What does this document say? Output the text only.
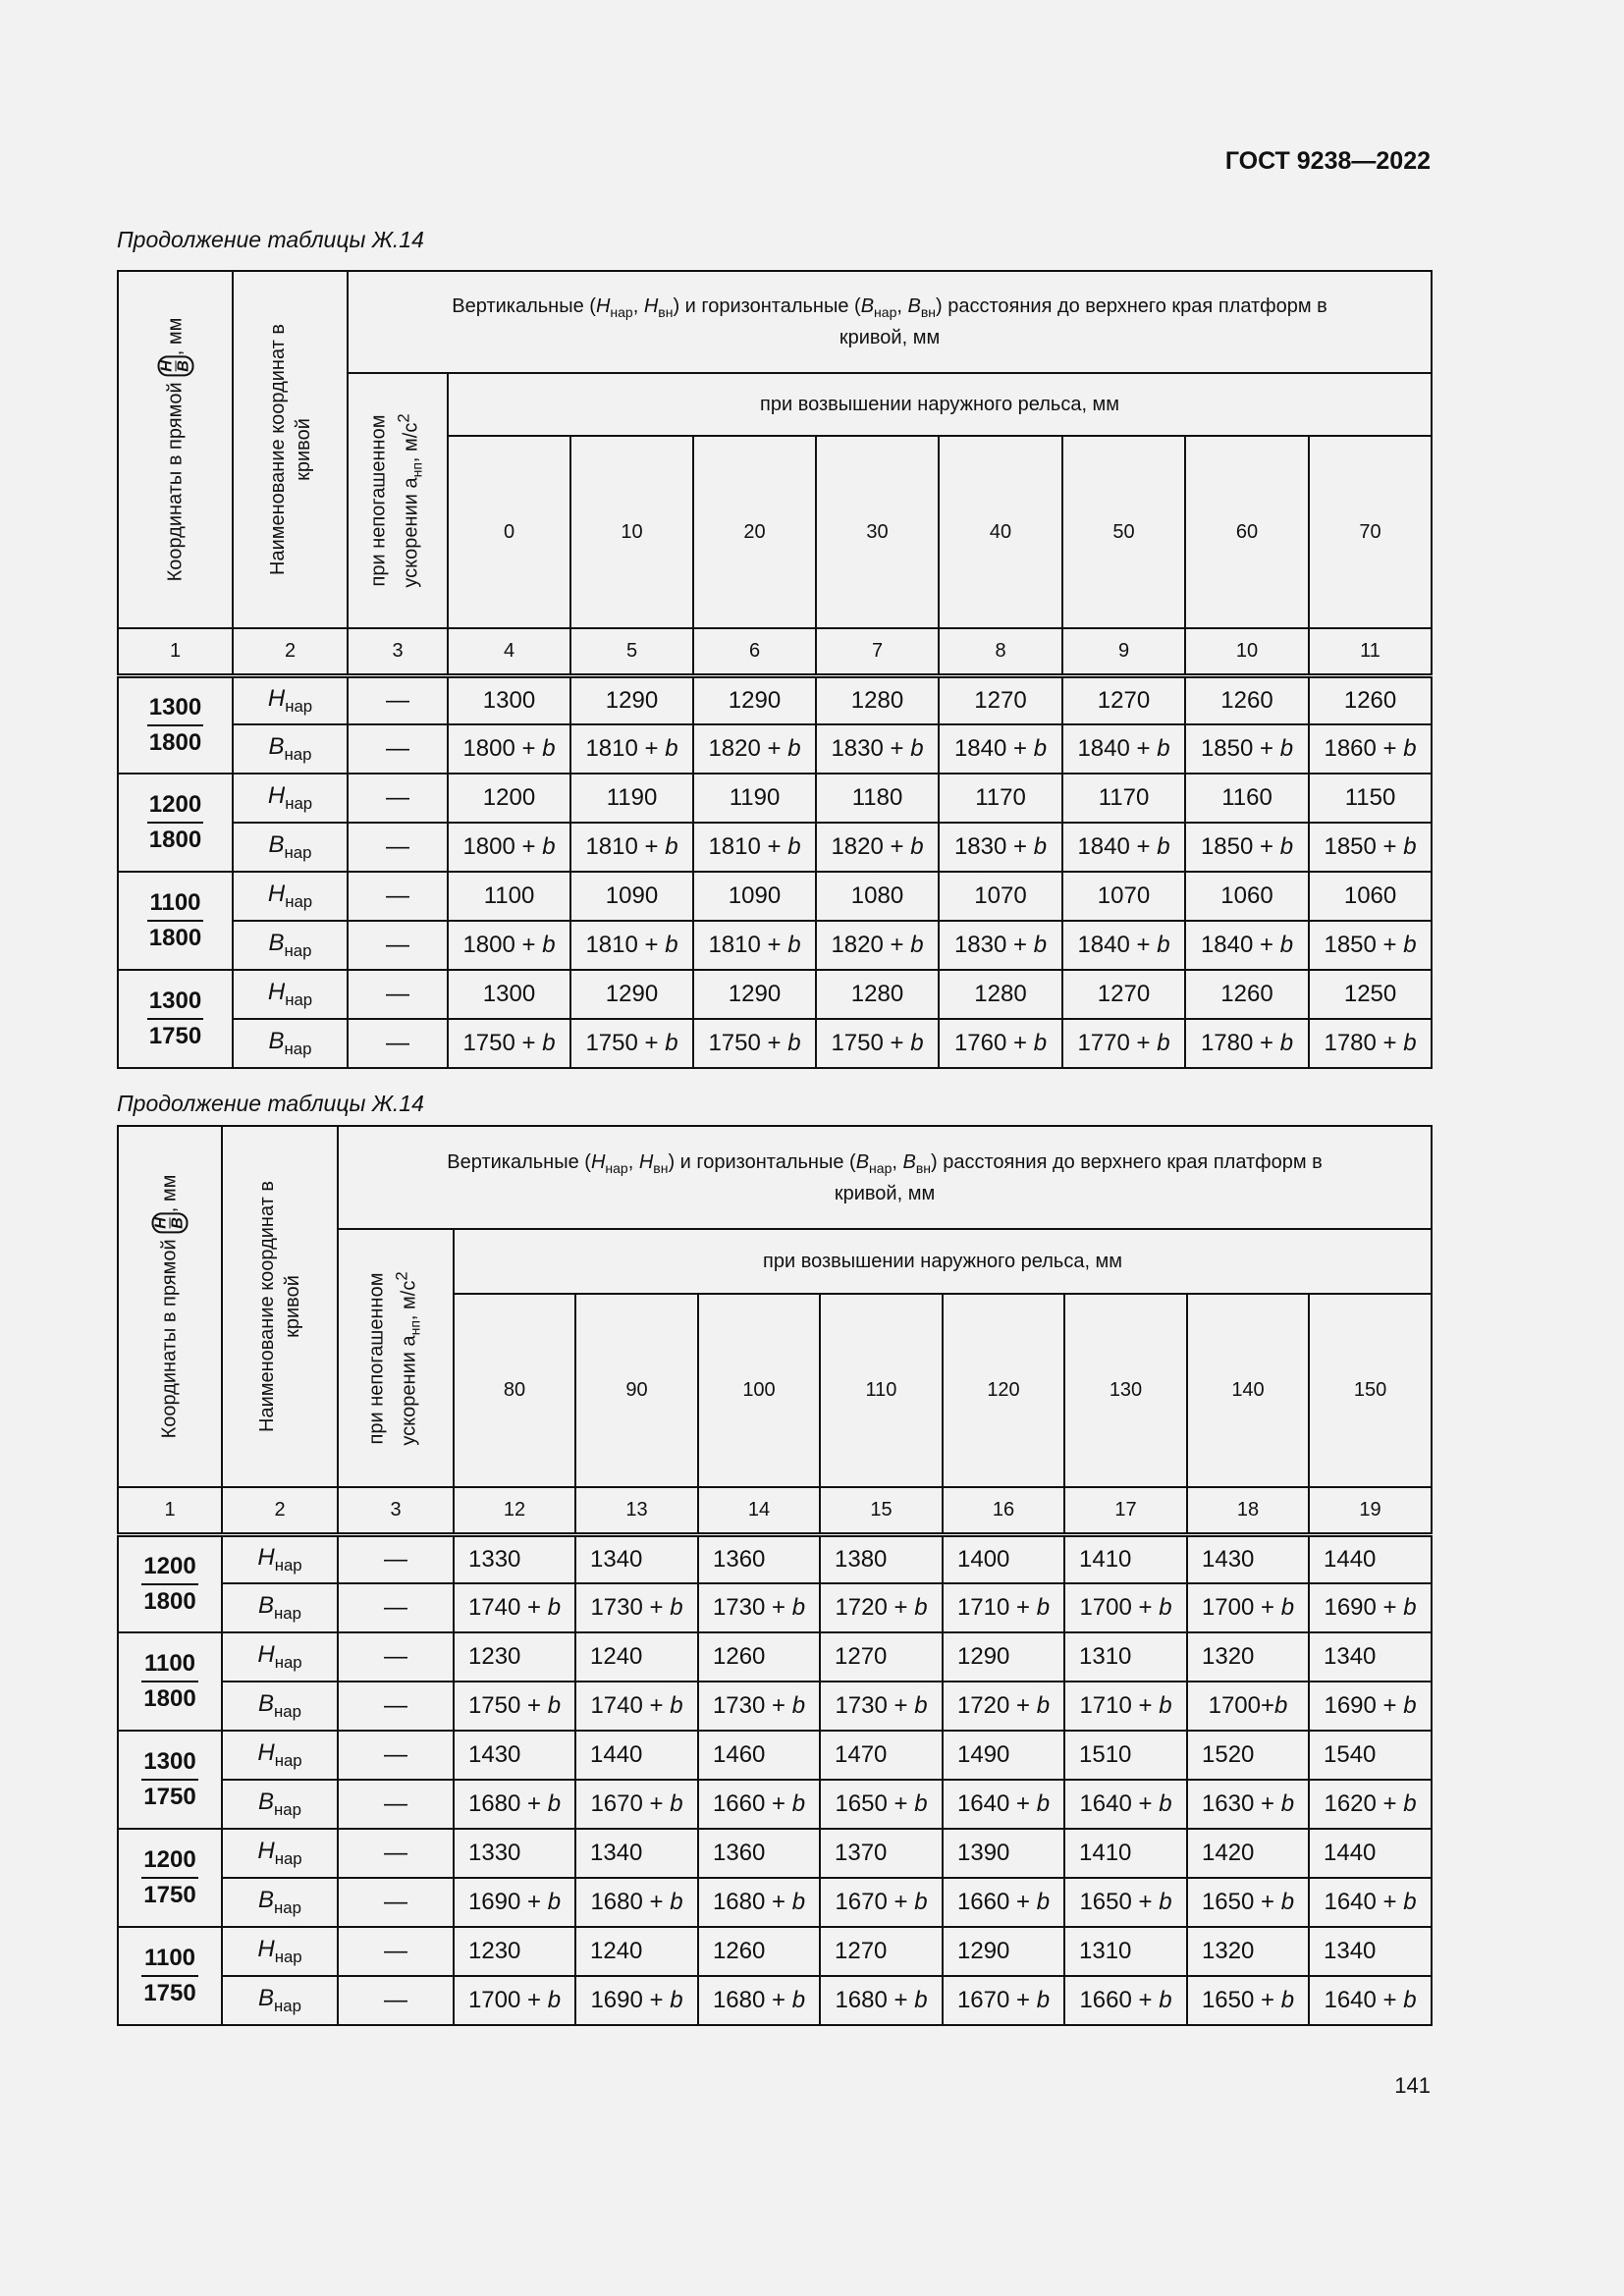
ГОСТ 9238—2022
Продолжение таблицы Ж.14
Координаты в прямой
H B
, мм	Наименование координат в кривой	Вертикальные ($H_{нар}$, $H_{вн}$) и горизонтальные ($B_{нар}$, $B_{вн}$) расстояния до верхнего края платформ в
кривой, мм								

		при непогашенном ускорении $a_{нп}$, $м/с^2$	при возвышении наружного рельса, мм							
			0	10	20	30	40	50	60	70
1	2	3	4	5	6	7	8	9	10	11

$\frac{1300}{1800}$	$H_{нар}$	—	1300	1290	1290	1280	1270	1270	1260	1260
	$B_{нар}$	—	1800 + b	1810 + b	1820 + b	1830 + b	1840 + b	1840 + b	1850 + b	1860 + b

$\frac{1200}{1800}$	$H_{нар}$	—	1200	1190	1190	1180	1170	1170	1160	1150
	$B_{нар}$	—	1800 + b	1810 + b	1810 + b	1820 + b	1830 + b	1840 + b	1850 + b	1850 + b

$\frac{1100}{1800}$	$H_{нар}$	—	1100	1090	1090	1080	1070	1070	1060	1060
	$B_{нар}$	—	1800 + b	1810 + b	1810 + b	1820 + b	1830 + b	1840 + b	1840 + b	1850 + b

$\frac{1300}{1750}$	$H_{нар}$	—	1300	1290	1290	1280	1280	1270	1260	1250
	$B_{нар}$	—	1750 + b	1750 + b	1750 + b	1750 + b	1760 + b	1770 + b	1780 + b	1780 + b
Продолжение таблицы Ж.14
Координаты в прямой
H B
, мм	Наименование координат в кривой	Вертикальные ($H_{нар}$, $H_{вн}$) и горизонтальные ($B_{нар}$, $B_{вн}$) расстояния до верхнего края платформ в
кривой, мм								

		при непогашенном ускорении $a_{нп}$, $м/с^2$	при возвышении наружного рельса, мм							
			80	90	100	110	120	130	140	150
1	2	3	12	13	14	15	16	17	18	19

$\frac{1200}{1800}$	$H_{нар}$	—	1330	1340	1360	1380	1400	1410	1430	1440
	$B_{нар}$	—	1740 + b	1730 + b	1730 + b	1720 + b	1710 + b	1700 + b	1700 + b	1690 + b

$\frac{1100}{1800}$	$H_{нар}$	—	1230	1240	1260	1270	1290	1310	1320	1340
	$B_{нар}$	—	1750 + b	1740 + b	1730 + b	1730 + b	1720 + b	1710 + b	1700+b	1690 + b

$\frac{1300}{1750}$	$H_{нар}$	—	1430	1440	1460	1470	1490	1510	1520	1540
	$B_{нар}$	—	1680 + b	1670 + b	1660 + b	1650 + b	1640 + b	1640 + b	1630 + b	1620 + b

$\frac{1200}{1750}$	$H_{нар}$	—	1330	1340	1360	1370	1390	1410	1420	1440
	$B_{нар}$	—	1690 + b	1680 + b	1680 + b	1670 + b	1660 + b	1650 + b	1650 + b	1640 + b

$\frac{1100}{1750}$	$H_{нар}$	—	1230	1240	1260	1270	1290	1310	1320	1340
	$B_{нар}$	—	1700 + b	1690 + b	1680 + b	1680 + b	1670 + b	1660 + b	1650 + b	1640 + b
141
